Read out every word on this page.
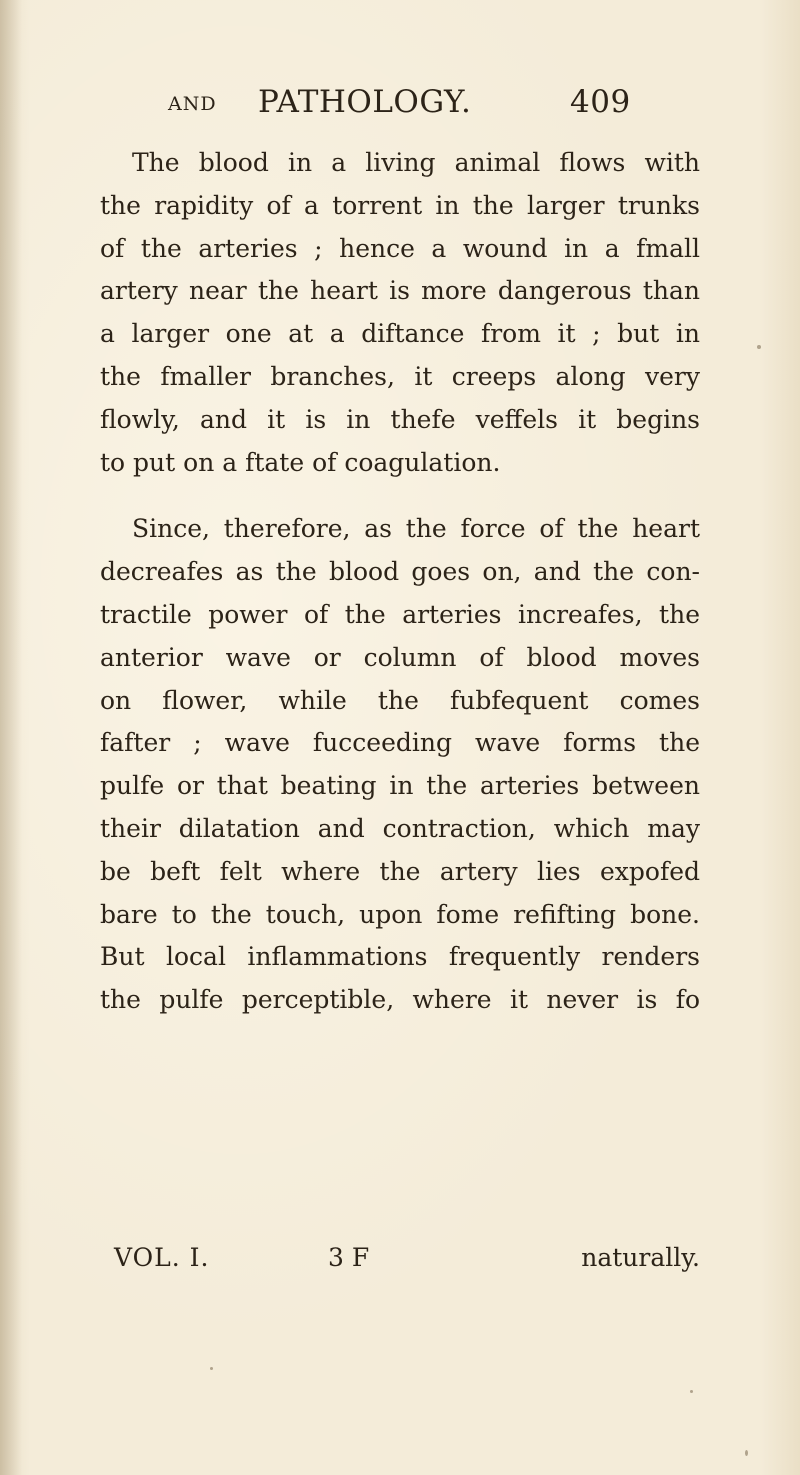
AND PATHOLOGY.	409
The blood in a living animal flows with
the rapidity of a torrent in the larger trunks
of the arteries ; hence a wound in a fmall
artery near the heart is more dangerous than
a larger one at a diftance from it ; but in
the fmaller branches, it creeps along very
flowly, and it is in thefe veffels it begins
to put on a ftate of coagulation.
Since, therefore, as the force of the heart
decreafes as the blood goes on, and the con-
tractile power of the arteries increafes, the
anterior wave or column of blood moves
on flower, while the fubfequent comes
fafter ; wave fucceeding wave forms the
pulfe or that beating in the arteries between
their dilatation and contraction, which may
be beft felt where the artery lies expofed
bare to the touch, upon fome refifting bone.
But local inflammations frequently renders
the pulfe perceptible, where it never is fo
VOL. I.	3 F	naturally.
